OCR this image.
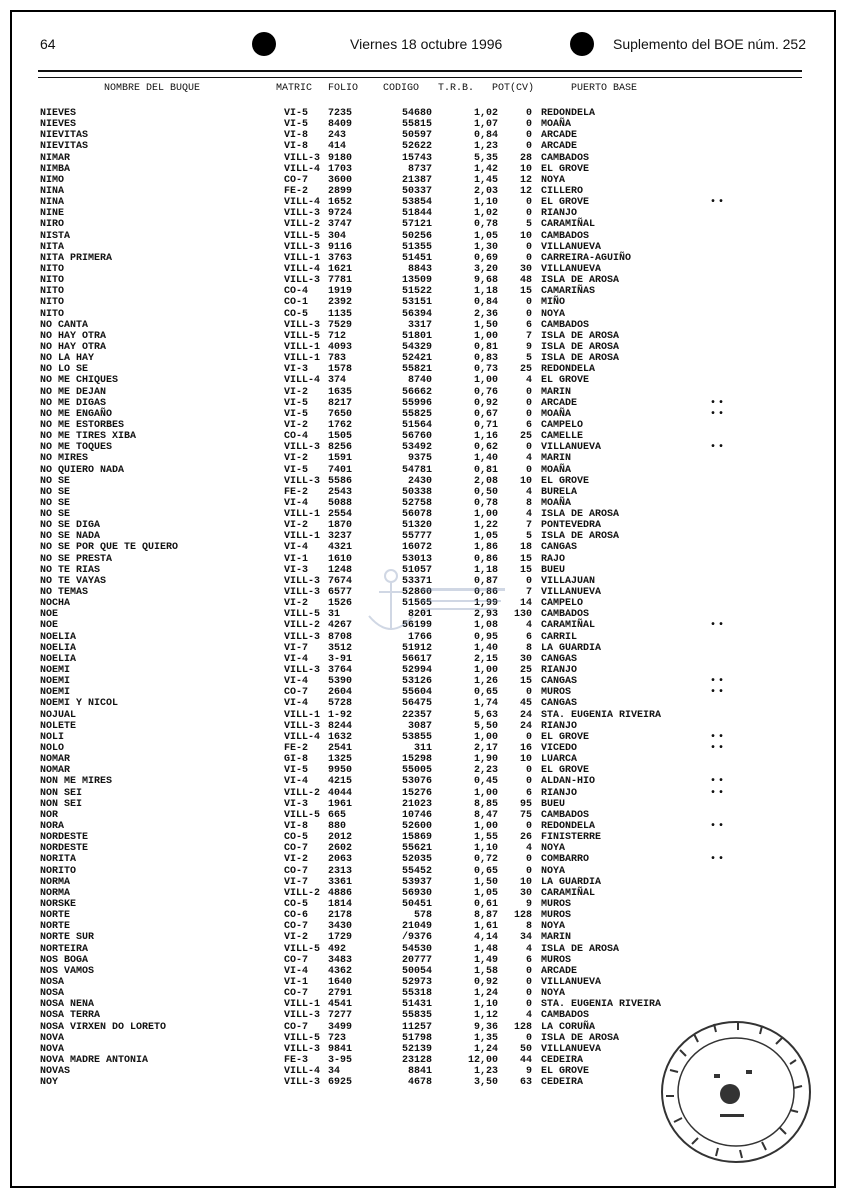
64	Viernes 18 octubre 1996	Suplemento del BOE núm. 252
NOMBRE DEL BUQUE	MATRIC FOLIO CODIGO T.R.B. POT(CV)	PUERTO BASE
NIEVES	VI-5 7235	54680	1,02	0 REDONDELA
NIEVES	VI-5 8409	55815	1,07	0 MOAÑA
NIEVITAS	VI-8 243	50597	0,84	0 ARCADE
NIEVITAS	VI-8 414	52622	1,23	0 ARCADE
NIMAR	VILL-3 9180	15743	5,35 28 CAMBADOS
NIMBA	VILL-4 1703	8737	1,42 10 EL GROVE
NIMO	CO-7 3600	21387	1,45 12 NOYA
NINA	FE-2 2899	50337	2,03 12 CILLERO
NINA	VILL-4 1652	53854	1,10	0 EL GROVE	••
NINE	VILL-3 9724	51844	1,02	0 RIANJO
NIRO	VILL-2 3747	57121	0,78	5 CARAMIÑAL
NISTA	VILL-5 304	50256	1,05 10 CAMBADOS
NITA	VILL-3 9116	51355	1,30	0 VILLANUEVA
NITA PRIMERA	VILL-1 3763	51451	0,69	0 CARREIRA-AGUIÑO
NITO	VILL-4 1621	8843	3,20 30 VILLANUEVA
NITO	VILL-3 7781	13509	9,68 48 ISLA DE AROSA
NITO	CO-4 1919	51522	1,18 15 CAMARIÑAS
NITO	CO-1 2392	53151	0,84	0 MIÑO
NITO	CO-5 1135	56394	2,36	0 NOYA
NO CANTA	VILL-3 7529	3317	1,50	6 CAMBADOS
NO HAY OTRA	VILL-5 712	51801	1,00	7 ISLA DE AROSA
NO HAY OTRA	VILL-1 4093	54329	0,81	9 ISLA DE AROSA
NO LA HAY	VILL-1 783	52421	0,83	5 ISLA DE AROSA
NO LO SE	VI-3 1578	55821	0,73 25 REDONDELA
NO ME CHIQUES	VILL-4 374	8740	1,00	4 EL GROVE
NO ME DEJAN	VI-2 1635	56662	0,76	0 MARIN
NO ME DIGAS	VI-5 8217	55996	0,92	0 ARCADE	••
NO ME ENGAÑO	VI-5 7650	55825	0,67	0 MOAÑA	••
NO ME ESTORBES	VI-2 1762	51564	0,71	6 CAMPELO
NO ME TIRES XIBA	CO-4 1505	56760	1,16 25 CAMELLE
NO ME TOQUES	VILL-3 8256	53492	0,62	0 VILLANUEVA	••
NO MIRES	VI-2 1591	9375	1,40	4 MARIN
NO QUIERO NADA	VI-5 7401	54781	0,81	0 MOAÑA
NO SE	VILL-3 5586	2430	2,08 10 EL GROVE
NO SE	FE-2 2543	50338	0,50	4 BURELA
NO SE	VI-4 5088	52758	0,78	8 MOAÑA
NO SE	VILL-1 2554	56078	1,00	4 ISLA DE AROSA
NO SE DIGA	VI-2 1870	51320	1,22	7 PONTEVEDRA
NO SE NADA	VILL-1 3237	55777	1,05	5 ISLA DE AROSA
NO SE POR QUE TE QUIERO	VI-4 4321	16072	1,86 18 CANGAS
NO SE PRESTA	VI-1 1610	53013	0,86 15 RAJO
NO TE RIAS	VI-3 1248	51057	1,18 15 BUEU
NO TE VAYAS	VILL-3 7674	53371	0,87	0 VILLAJUAN
NO TEMAS	VILL-3 6577	52860	0,86	7 VILLANUEVA
NOCHA	VI-2 1526	51565	1,99 14 CAMPELO
NOE	VILL-5 31	8201	2,93 130 CAMBADOS
NOE	VILL-2 4267	56199	1,08	4 CARAMIÑAL	••
NOELIA	VILL-3 8708	1766	0,95	6 CARRIL
NOELIA	VI-7 3512	51912	1,40	8 LA GUARDIA
NOELIA	VI-4 3-91	56617	2,15 30 CANGAS
NOEMI	VILL-3 3764	52994	1,00 25 RIANJO
NOEMI	VI-4 5390	53126	1,26 15 CANGAS	••
NOEMI	CO-7 2604	55604	0,65	0 MUROS	••
NOEMI Y NICOL	VI-4 5728	56475	1,74 45 CANGAS
NOJUAL	VILL-1 1-92	22357	5,63 24 STA. EUGENIA RIVEIRA
NOLETE	VILL-3 8244	3087	5,50 24 RIANJO
NOLI	VILL-4 1632	53855	1,00	0 EL GROVE	••
NOLO	FE-2 2541	311	2,17 16 VICEDO	••
NOMAR	GI-8 1325	15298	1,90 10 LUARCA
NOMAR	VI-5 9950	55005	2,23	0 EL GROVE
NON ME MIRES	VI-4 4215	53076	0,45	0 ALDAN-HIO	••
NON SEI	VILL-2 4044	15276	1,00	6 RIANJO	••
NON SEI	VI-3 1961	21023	8,85 95 BUEU
NOR	VILL-5 665	10746	8,47 75 CAMBADOS
NORA	VI-8 880	52600	1,00	0 REDONDELA	••
NORDESTE	CO-5 2012	15869	1,55 26 FINISTERRE
NORDESTE	CO-7 2602	55621	1,10	4 NOYA
NORITA	VI-2 2063	52035	0,72	0 COMBARRO	••
NORITO	CO-7 2313	55452	0,65	0 NOYA
NORMA	VI-7 3361	53937	1,50 10 LA GUARDIA
NORMA	VILL-2 4886	56930	1,05 30 CARAMIÑAL
NORSKE	CO-5 1814	50451	0,61	9 MUROS
NORTE	CO-6 2178	578	8,87 128 MUROS
NORTE	CO-7 3430	21049	1,61	8 NOYA
NORTE SUR	VI-2 1729	/9376	4,14 34 MARIN
NORTEIRA	VILL-5 492	54530	1,48	4 ISLA DE AROSA
NOS BOGA	CO-7 3483	20777	1,49	6 MUROS
NOS VAMOS	VI-4 4362	50054	1,58	0 ARCADE
NOSA	VI-1 1640	52973	0,92	0 VILLANUEVA
NOSA	CO-7 2791	55318	1,24	0 NOYA
NOSA NENA	VILL-1 4541	51431	1,10	0 STA. EUGENIA RIVEIRA
NOSA TERRA	VILL-3 7277	55835	1,12	4 CAMBADOS
NOSA VIRXEN DO LORETO	CO-7 3499	11257	9,36 128 LA CORUÑA
NOVA	VILL-5 723	51798	1,35	0 ISLA DE AROSA
NOVA	VILL-3 9841	52139	1,24 50 VILLANUEVA
NOVA MADRE ANTONIA	FE-3 3-95	23128	12,00 44 CEDEIRA
NOVAS	VILL-4 34	8841	1,23	9 EL GROVE
NOY	VILL-3 6925	4678	3,50 63 CEDEIRA
